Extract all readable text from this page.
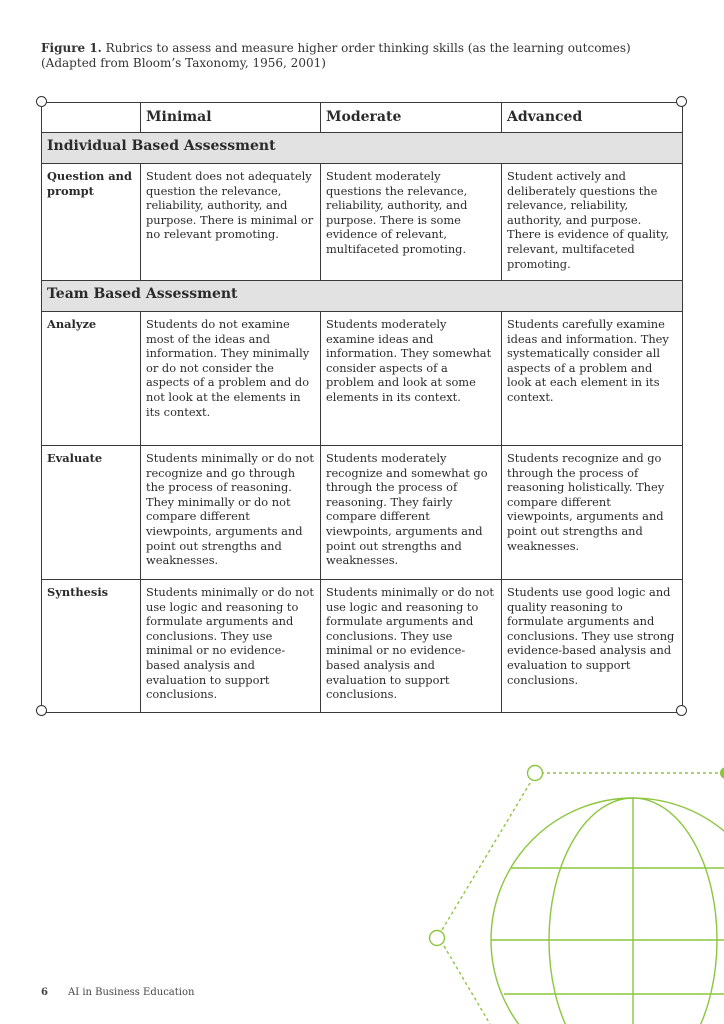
Figure 1. Rubrics to assess and measure higher order thinking skills (as the learning outcomes) (Adapted from Bloom’s Taxonomy, 1956, 2001)
	Minimal	Moderate	Advanced
Individual Based Assessment			
Question and prompt	Student does not adequately question the relevance, reliability, authority, and purpose. There is minimal or no relevant promoting.	Student moderately questions the relevance, reliability, authority, and purpose. There is some evidence of relevant, multifaceted promoting.	Student actively and deliberately questions the relevance, reliability, authority, and purpose. There is evidence of quality, relevant, multifaceted promoting.
Team Based Assessment			
Analyze	Students do not examine most of the ideas and information. They minimally or do not consider the aspects of a problem and do not look at the elements in its context.	Students moderately examine ideas and information. They somewhat consider aspects of a problem and look at some elements in its context.	Students carefully examine ideas and information. They systematically consider all aspects of a problem and look at each element in its context.
Evaluate	Students minimally or do not recognize and go through the process of reasoning. They minimally or do not compare different viewpoints, arguments and point out strengths and weaknesses.	Students moderately recognize and somewhat go through the process of reasoning. They fairly compare different viewpoints, arguments and point out strengths and weaknesses.	Students recognize and go through the process of reasoning holistically. They compare different viewpoints, arguments and point out strengths and weaknesses.
Synthesis	Students minimally or do not use logic and reasoning to formulate arguments and conclusions. They use minimal or no evidence-based analysis and evaluation to support conclusions.	Students minimally or do not use logic and reasoning to formulate arguments and conclusions. They use minimal or no evidence-based analysis and evaluation to support conclusions.	Students use good logic and quality reasoning to formulate arguments and conclusions. They use strong evidence-based analysis and evaluation to support conclusions.
6 AI in Business Education
